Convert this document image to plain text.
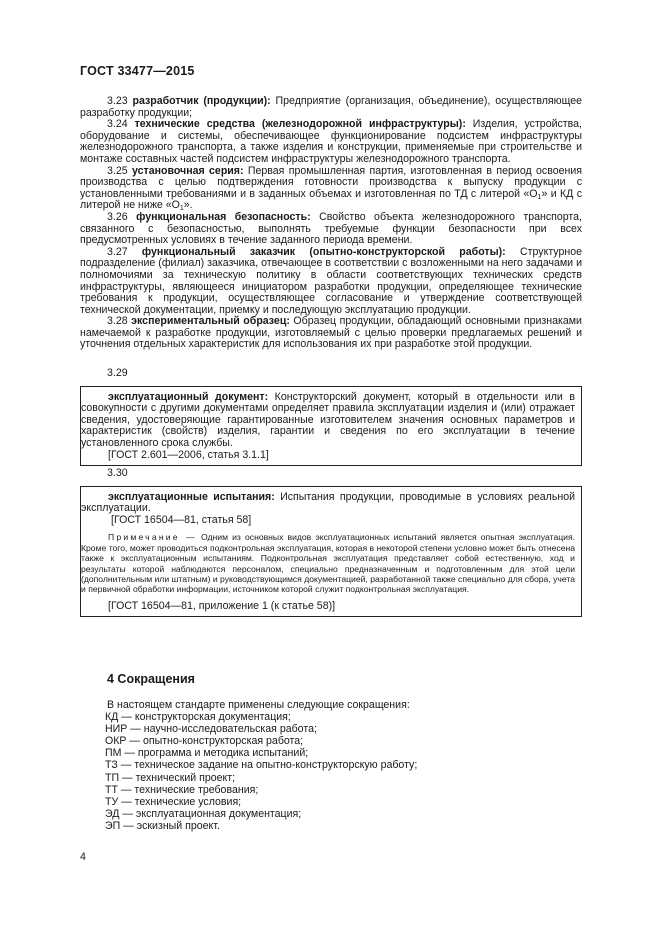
ГОСТ 33477—2015

3.23 разработчик (продукции): Предприятие (организация, объединение), осуществляющее разработку продукции;

3.24 технические средства (железнодорожной инфраструктуры): Изделия, устройства, оборудование и системы, обеспечивающее функционирование подсистем инфраструктуры железнодорожного транспорта, а также изделия и конструкции, применяемые при строительстве и монтаже составных частей подсистем инфраструктуры железнодорожного транспорта.

3.25 установочная серия: Первая промышленная партия, изготовленная в период освоения производства с целью подтверждения готовности производства к выпуску продукции с установленными требованиями и в заданных объемах и изготовленная по ТД с литерой «$О_1$» и КД с литерой не ниже «$О_1$».

3.26 функциональная безопасность: Свойство объекта железнодорожного транспорта, связанного с безопасностью, выполнять требуемые функции безопасности при всех предусмотренных условиях в течение заданного периода времени.

3.27 функциональный заказчик (опытно-конструкторской работы): Структурное подразделение (филиал) заказчика, отвечающее в соответствии с возложенными на него задачами и полномочиями за техническую политику в области соответствующих технических средств инфраструктуры, являющееся инициатором разработки продукции, определяющее технические требования к продукции, осуществляющее согласование и утверждение соответствующей технической документации, приемку и последующую эксплуатацию продукции.

3.28 экспериментальный образец: Образец продукции, обладающий основными признаками намечаемой к разработке продукции, изготовляемый с целью проверки предлагаемых решений и уточнения отдельных характеристик для использования их при разработке этой продукции.

3.29

эксплуатационный документ: Конструкторский документ, который в отдельности или в совокупности с другими документами определяет правила эксплуатации изделия и (или) отражает сведения, удостоверяющие гарантированные изготовителем значения основных параметров и характеристик (свойств) изделия, гарантии и сведения по его эксплуатации в течение установленного срока службы.

[ГОСТ 2.601—2006, статья 3.1.1]

3.30

эксплуатационные испытания: Испытания продукции, проводимые в условиях реальной эксплуатации.

[ГОСТ 16504—81, статья 58]

Примечание — Одним из основных видов эксплуатационных испытаний является опытная эксплуатация. Кроме того, может проводиться подконтрольная эксплуатация, которая в некоторой степени условно может быть отнесена также к эксплуатационным испытаниям. Подконтрольная эксплуатация представляет собой естественную, ход и результаты которой наблюдаются персоналом, специально предназначенным и подготовленным для этой цели (дополнительным или штатным) и руководствующимся документацией, разработанной также специально для сбора, учета и первичной обработки информации, источником которой служит подконтрольная эксплуатация.

[ГОСТ 16504—81, приложение 1 (к статье 58)]

4 Сокращения
В настоящем стандарте применены следующие сокращения:
КД — конструкторская документация;
НИР — научно-исследовательская работа;
ОКР — опытно-конструкторская работа;
ПМ — программа и методика испытаний;
ТЗ — техническое задание на опытно-конструкторскую работу;
ТП — технический проект;
ТТ — технические требования;
ТУ — технические условия;
ЭД — эксплуатационная документация;
ЭП — эскизный проект.
4
